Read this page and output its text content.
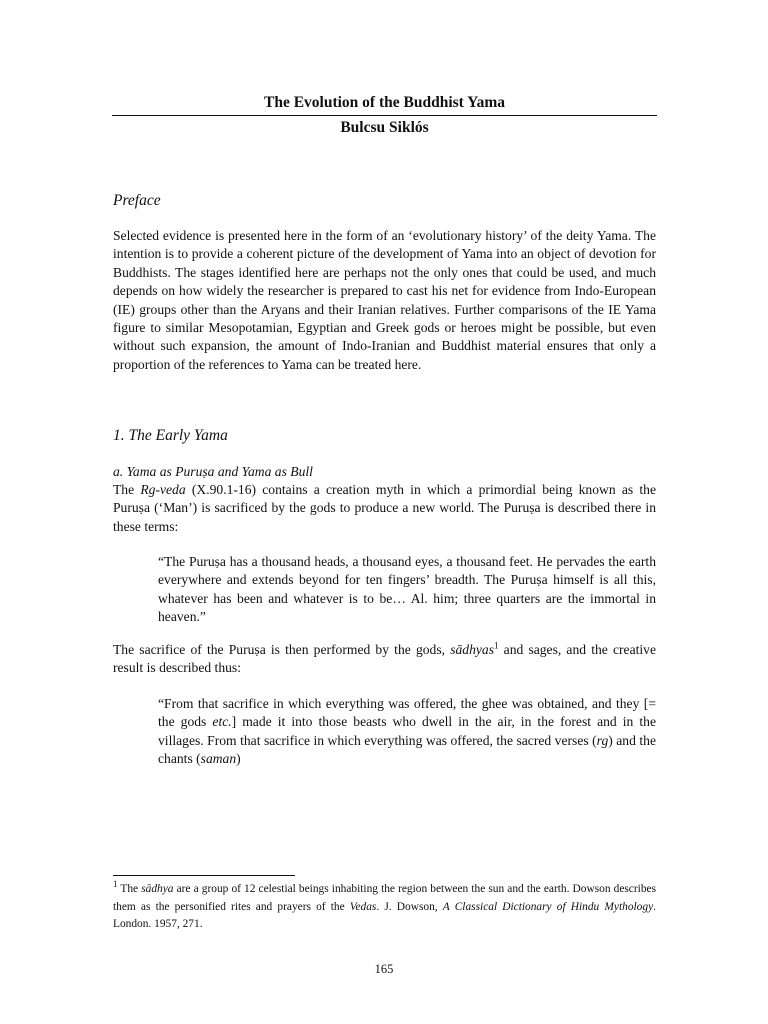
The Evolution of the Buddhist Yama
Bulcsu Siklós
Preface

Selected evidence is presented here in the form of an ‘evolutionary history’ of the deity Yama. The intention is to provide a coherent picture of the development of Yama into an object of devotion for Buddhists. The stages identified here are perhaps not the only ones that could be used, and much depends on how widely the researcher is prepared to cast his net for evidence from Indo-European (IE) groups other than the Aryans and their Iranian relatives. Further comparisons of the IE Yama figure to similar Mesopotamian, Egyptian and Greek gods or heroes might be possible, but even without such expansion, the amount of Indo-Iranian and Buddhist material ensures that only a proportion of the references to Yama can be treated here.

1. The Early Yama
a. Yama as Puruṣa and Yama as Bull

The Rg-veda (X.90.1-16) contains a creation myth in which a primordial being known as the Puruṣa (‘Man’) is sacrificed by the gods to produce a new world. The Puruṣa is described there in these terms:

“The Puruṣa has a thousand heads, a thousand eyes, a thousand feet. He pervades the earth everywhere and extends beyond for ten fingers’ breadth. The Puruṣa himself is all this, whatever has been and whatever is to be… Al. him; three quarters are the immortal in heaven.”

The sacrifice of the Puruṣa is then performed by the gods, sādhyas$^1$ and sages, and the creative result is described thus:

“From that sacrifice in which everything was offered, the ghee was obtained, and they [= the gods etc.] made it into those beasts who dwell in the air, in the forest and in the villages. From that sacrifice in which everything was offered, the sacred verses (rg) and the chants (saman)

$^1$ The sādhya are a group of 12 celestial beings inhabiting the region between the sun and the earth. Dowson describes them as the personified rites and prayers of the Vedas. J. Dowson, A Classical Dictionary of Hindu Mythology. London. 1957, 271.

165
